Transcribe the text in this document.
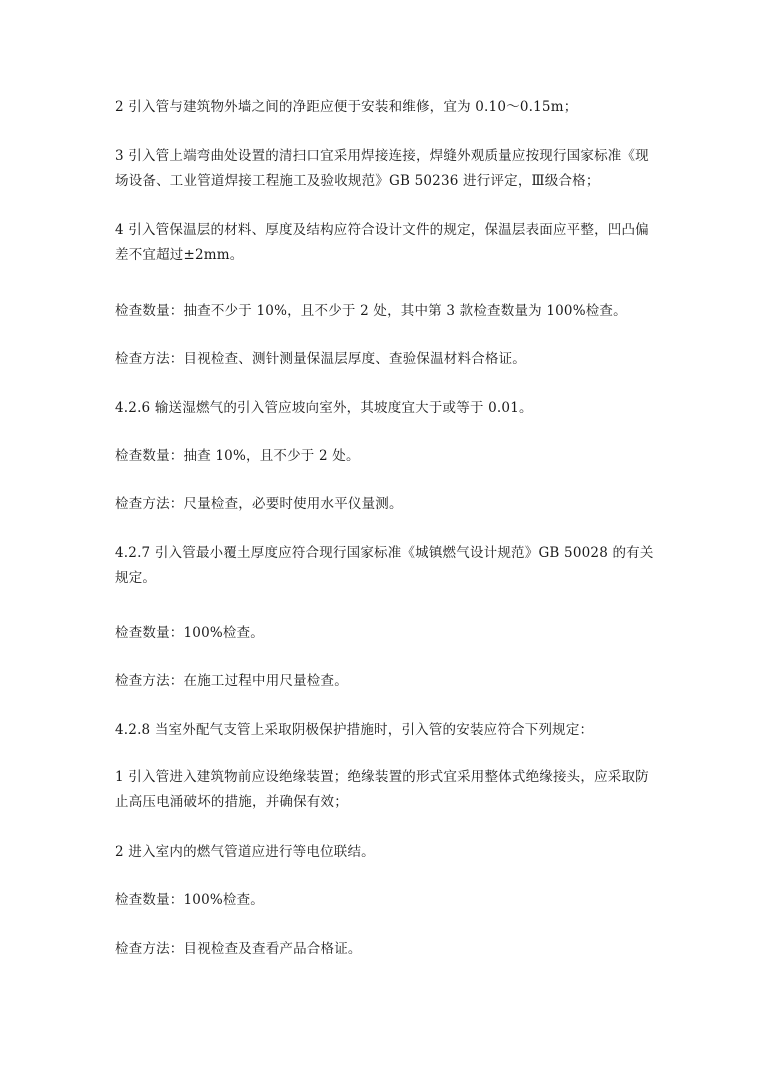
2 引入管与建筑物外墙之间的净距应便于安装和维修，宜为 0.10～0.15m；

3 引入管上端弯曲处设置的清扫口宜采用焊接连接，焊缝外观质量应按现行国家标准《现场设备、工业管道焊接工程施工及验收规范》GB 50236 进行评定，Ⅲ级合格；

4 引入管保温层的材料、厚度及结构应符合设计文件的规定，保温层表面应平整，凹凸偏差不宜超过±2mm。

检查数量：抽查不少于 10%，且不少于 2 处，其中第 3 款检查数量为 100%检查。

检查方法：目视检查、测针测量保温层厚度、查验保温材料合格证。

4.2.6 输送湿燃气的引入管应坡向室外，其坡度宜大于或等于 0.01。

检查数量：抽查 10%，且不少于 2 处。

检查方法：尺量检查，必要时使用水平仪量测。

4.2.7 引入管最小覆土厚度应符合现行国家标准《城镇燃气设计规范》GB 50028 的有关规定。

检查数量：100%检查。

检查方法：在施工过程中用尺量检查。

4.2.8 当室外配气支管上采取阴极保护措施时，引入管的安装应符合下列规定：

1 引入管进入建筑物前应设绝缘装置；绝缘装置的形式宜采用整体式绝缘接头，应采取防止高压电涌破坏的措施，并确保有效；

2 进入室内的燃气管道应进行等电位联结。

检查数量：100%检查。

检查方法：目视检查及查看产品合格证。
